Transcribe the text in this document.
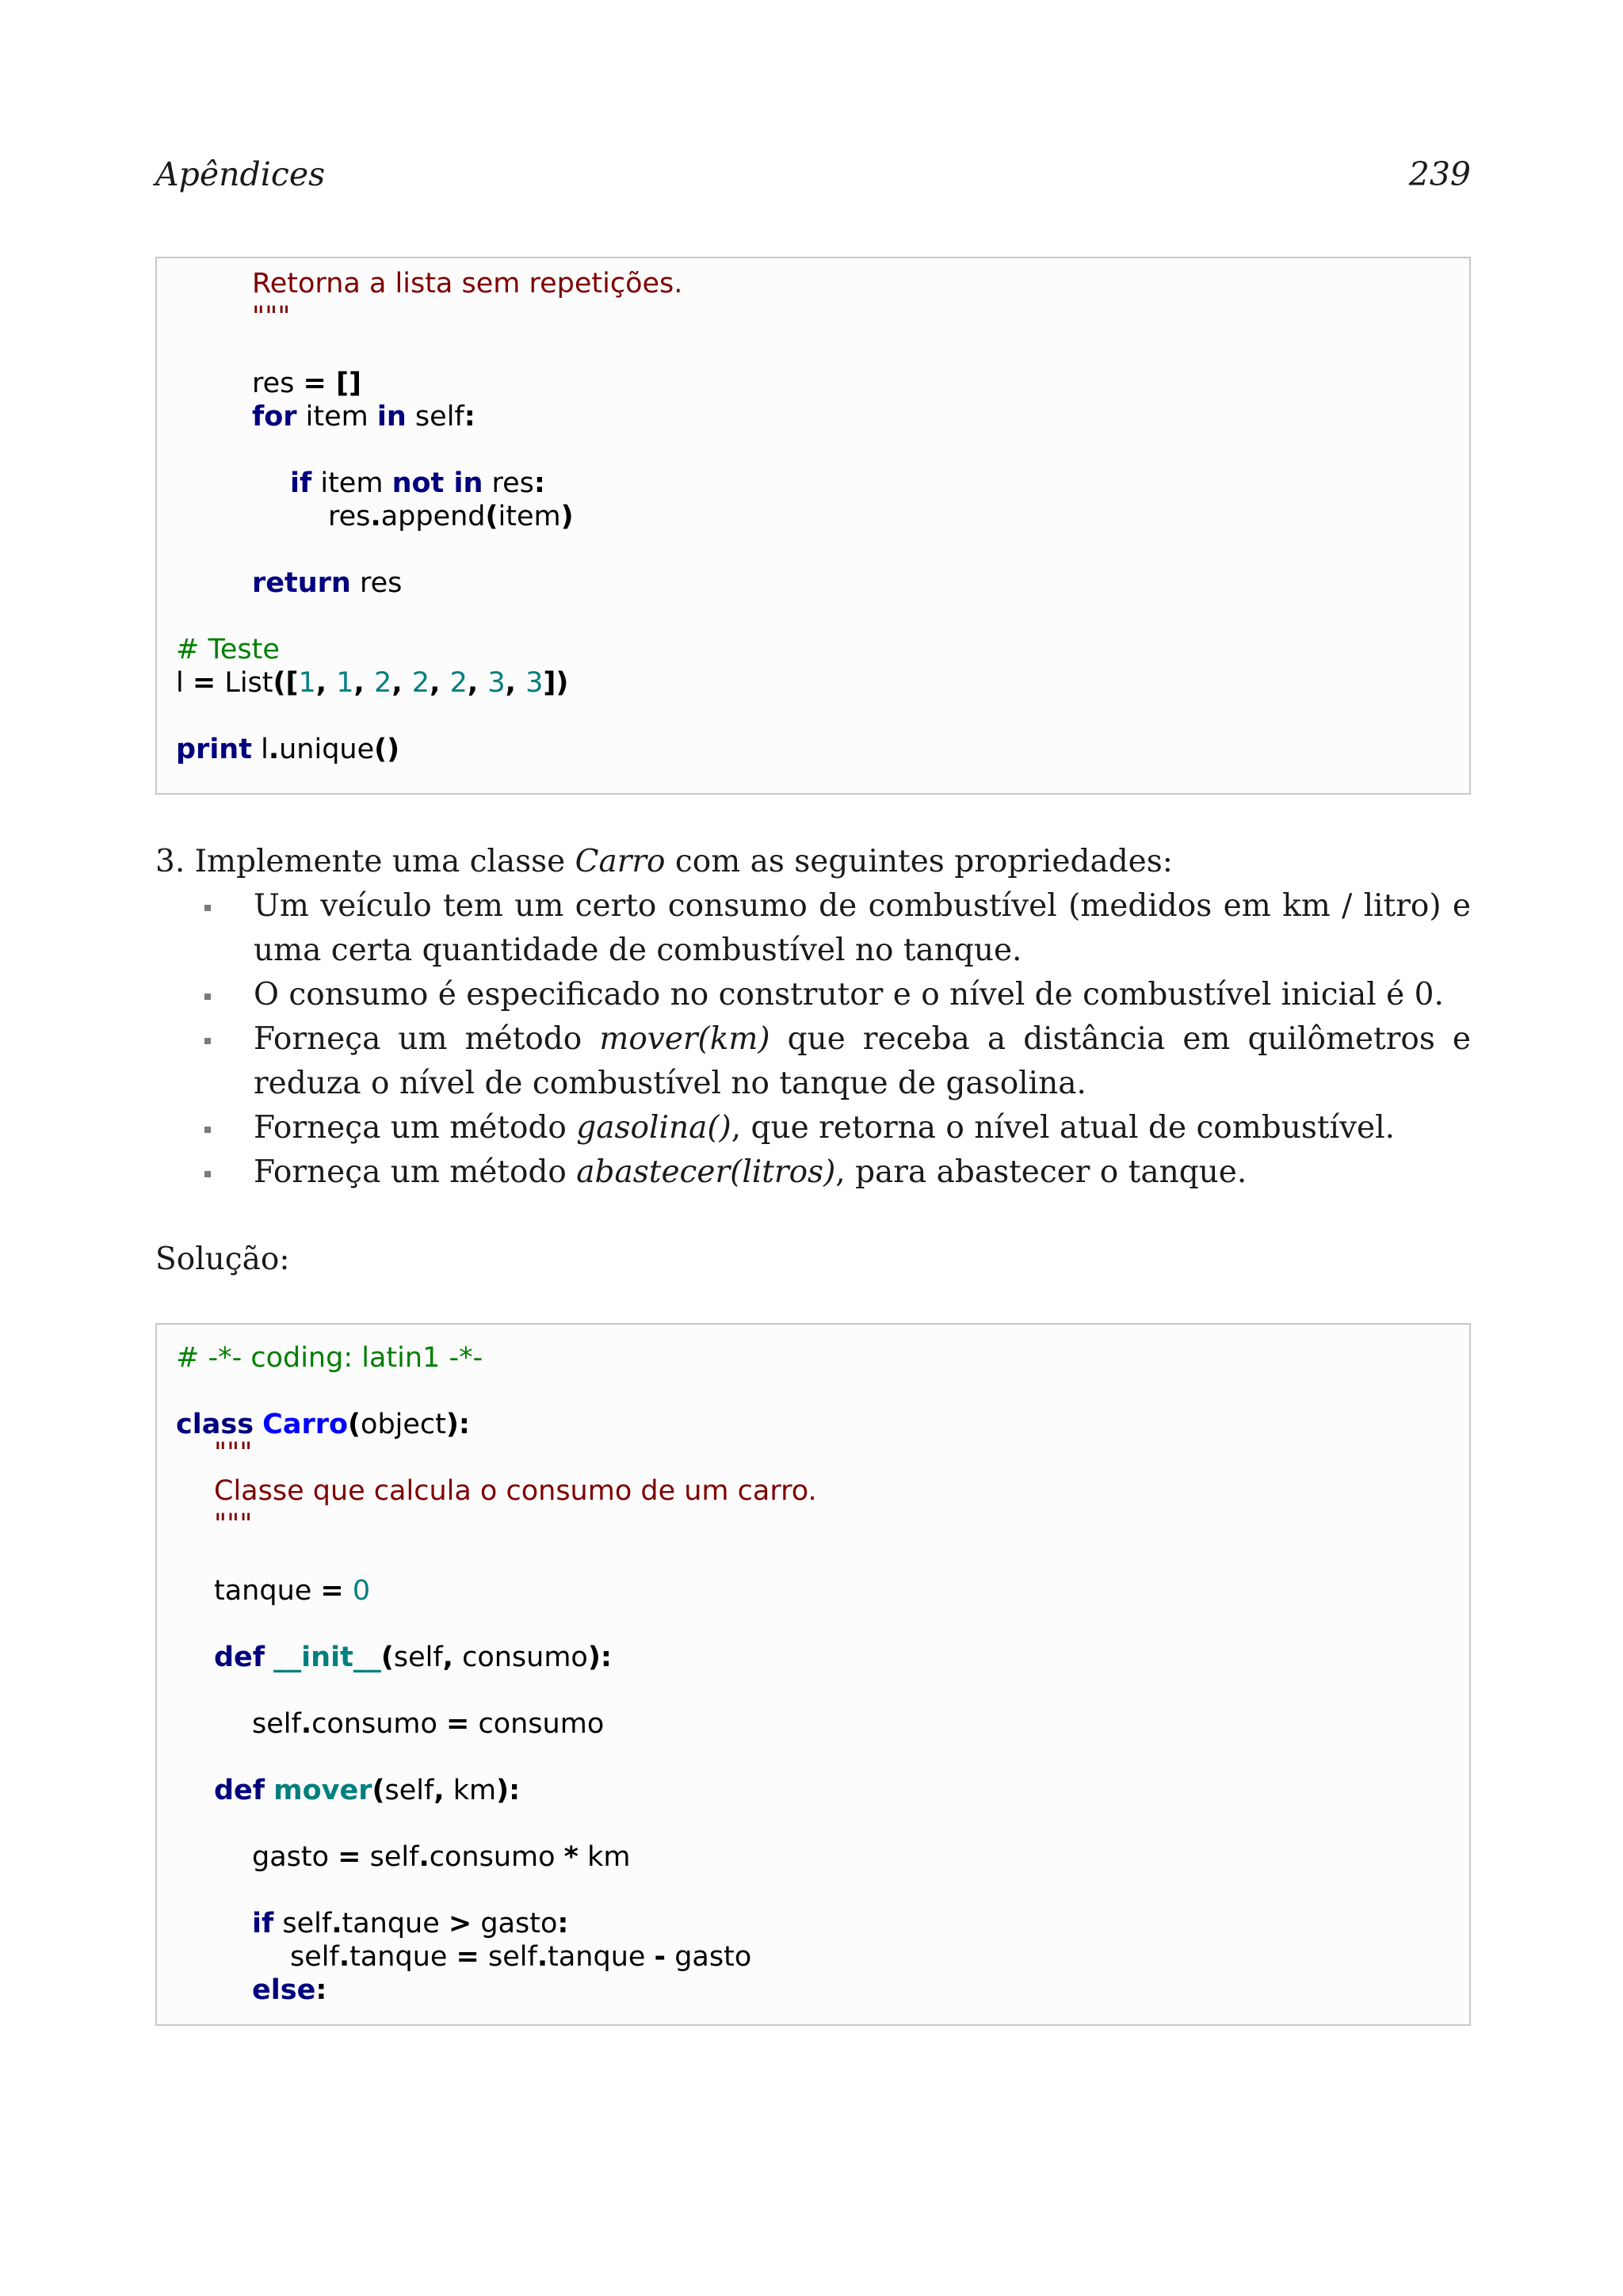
Apêndices	239
Retorna a lista sem repetições.
"""
res = []
for item in self:
if item not in res:
res.append(item)
return res
# Teste
l = List([1, 1, 2, 2, 2, 3, 3])
print l.unique()
3. Implemente uma classe Carro com as seguintes propriedades:
Um veículo tem um certo consumo de combustível (medidos em km / litro) e uma certa quantidade de combustível no tanque.
O consumo é especificado no construtor e o nível de combustível inicial é 0.
Forneça um método mover(km) que receba a distância em quilômetros e reduza o nível de combustível no tanque de gasolina.
Forneça um método gasolina(), que retorna o nível atual de combustível.
Forneça um método abastecer(litros), para abastecer o tanque.
Solução:
# -*- coding: latin1 -*-
class Carro(object):
"""
Classe que calcula o consumo de um carro.
"""
tanque = 0
def __init__(self, consumo):
self.consumo = consumo
def mover(self, km):
gasto = self.consumo * km
if self.tanque > gasto:
self.tanque = self.tanque - gasto
else:
